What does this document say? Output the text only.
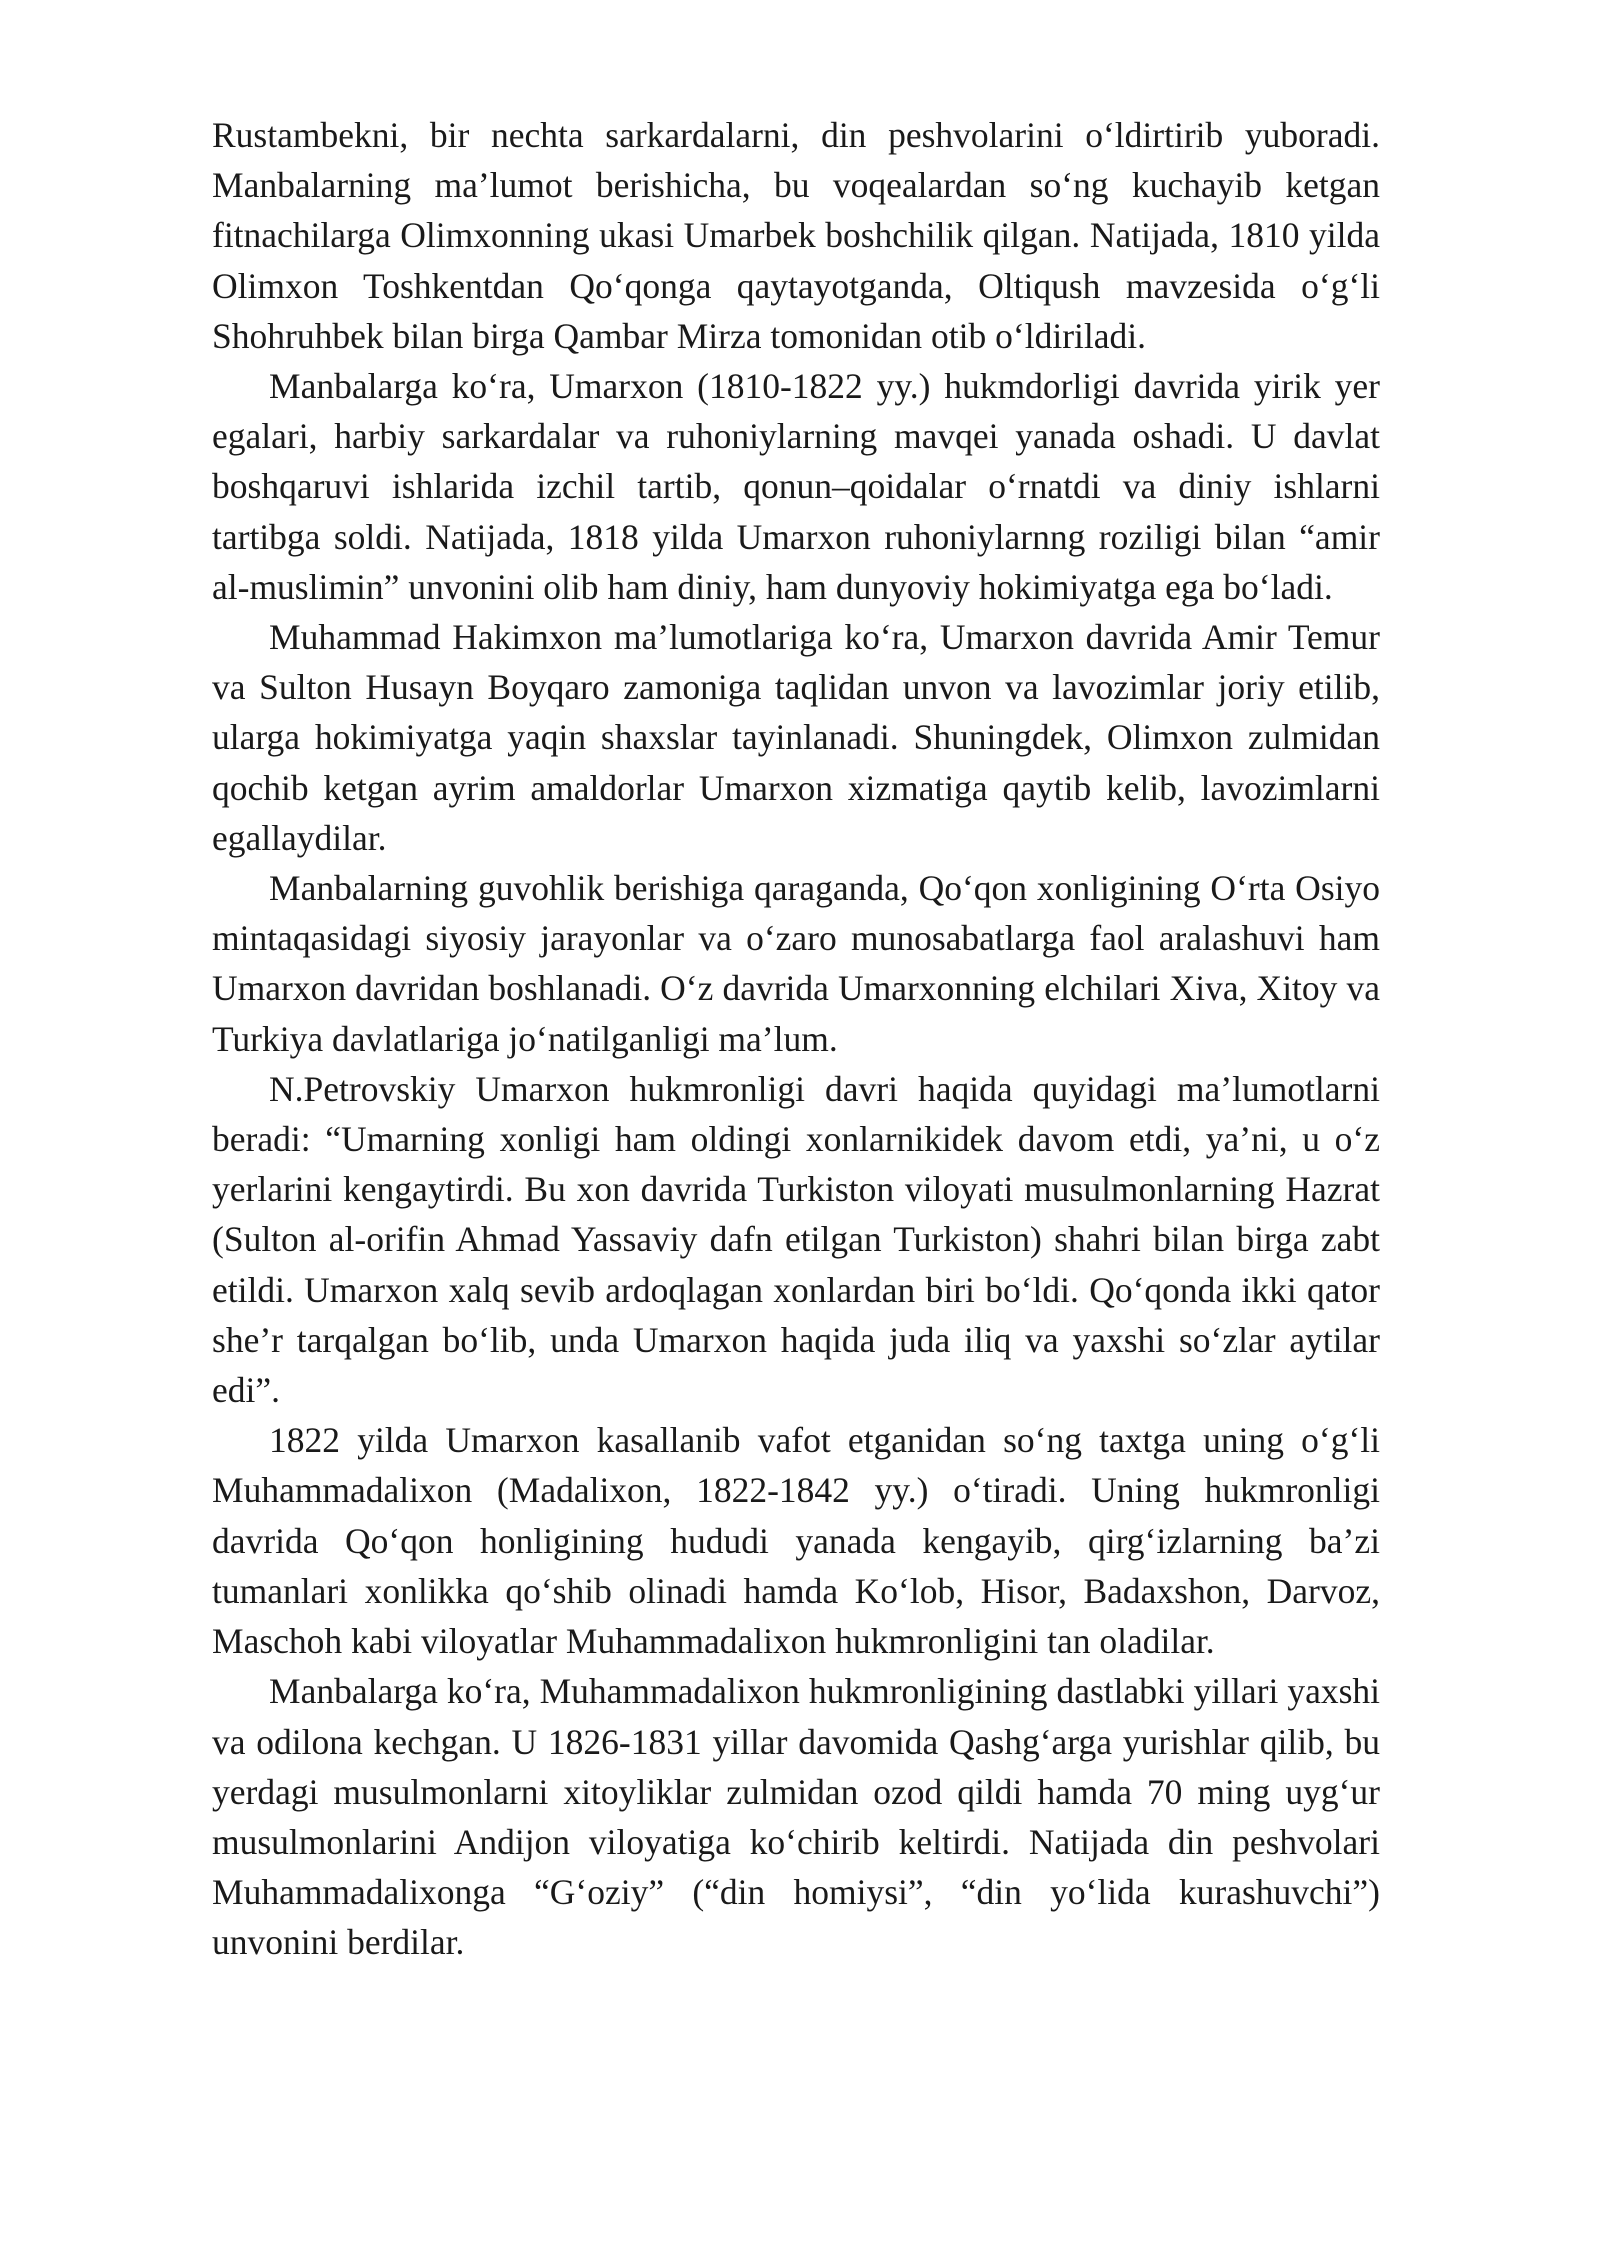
Rustambekni, bir nechta sarkardalarni, din peshvolarini o‘ldirtirib yuboradi. Manbalarning ma’lumot berishicha, bu voqealardan so‘ng kuchayib ketgan fitnachilarga Olimxonning ukasi Umarbek boshchilik qilgan. Natijada, 1810 yilda Olimxon Toshkentdan Qo‘qonga qaytayotganda, Oltiqush mavzesida o‘g‘li Shohruhbek bilan birga Qambar Mirza tomonidan otib o‘ldiriladi.

Manbalarga ko‘ra, Umarxon (1810-1822 yy.) hukmdorligi davrida yirik yer egalari, harbiy sarkardalar va ruhoniylarning mavqei yanada oshadi. U davlat boshqaruvi ishlarida izchil tartib, qonun–qoidalar o‘rnatdi va diniy ishlarni tartibga soldi. Natijada, 1818 yilda Umarxon ruhoniylarnng roziligi bilan “amir al-muslimin” unvonini olib ham diniy, ham dunyoviy hokimiyatga ega bo‘ladi.

Muhammad Hakimxon ma’lumotlariga ko‘ra, Umarxon davrida Amir Temur va Sulton Husayn Boyqaro zamoniga taqlidan unvon va lavozimlar joriy etilib, ularga hokimiyatga yaqin shaxslar tayinlanadi. Shuningdek, Olimxon zulmidan qochib ketgan ayrim amaldorlar Umarxon xizmatiga qaytib kelib, lavozimlarni egallaydilar.

Manbalarning guvohlik berishiga qaraganda, Qo‘qon xonligining O‘rta Osiyo mintaqasidagi siyosiy jarayonlar va o‘zaro munosabatlarga faol aralashuvi ham Umarxon davridan boshlanadi. O‘z davrida Umarxonning elchilari Xiva, Xitoy va Turkiya davlatlariga jo‘natilganligi ma’lum.

N.Petrovskiy Umarxon hukmronligi davri haqida quyidagi ma’lumotlarni beradi: “Umarning xonligi ham oldingi xonlarnikidek davom etdi, ya’ni, u o‘z yerlarini kengaytirdi. Bu xon davrida Turkiston viloyati musulmonlarning Hazrat (Sulton al-orifin Ahmad Yassaviy dafn etilgan Turkiston) shahri bilan birga zabt etildi. Umarxon xalq sevib ardoqlagan xonlardan biri bo‘ldi. Qo‘qonda ikki qator she’r tarqalgan bo‘lib, unda Umarxon haqida juda iliq va yaxshi so‘zlar aytilar edi”.

1822 yilda Umarxon kasallanib vafot etganidan so‘ng taxtga uning o‘g‘li Muhammadalixon (Madalixon, 1822-1842 yy.) o‘tiradi. Uning hukmronligi davrida Qo‘qon honligining hududi yanada kengayib, qirg‘izlarning ba’zi tumanlari xonlikka qo‘shib olinadi hamda Ko‘lob, Hisor, Badaxshon, Darvoz, Maschoh kabi viloyatlar Muhammadalixon hukmronligini tan oladilar.

Manbalarga ko‘ra, Muhammadalixon hukmronligining dastlabki yillari yaxshi va odilona kechgan. U 1826-1831 yillar davomida Qashg‘arga yurishlar qilib, bu yerdagi musulmonlarni xitoyliklar zulmidan ozod qildi hamda 70 ming uyg‘ur musulmonlarini Andijon viloyatiga ko‘chirib keltirdi. Natijada din peshvolari Muhammadalixonga “G‘oziy” (“din homiysi”, “din yo‘lida kurashuvchi”) unvonini berdilar.
